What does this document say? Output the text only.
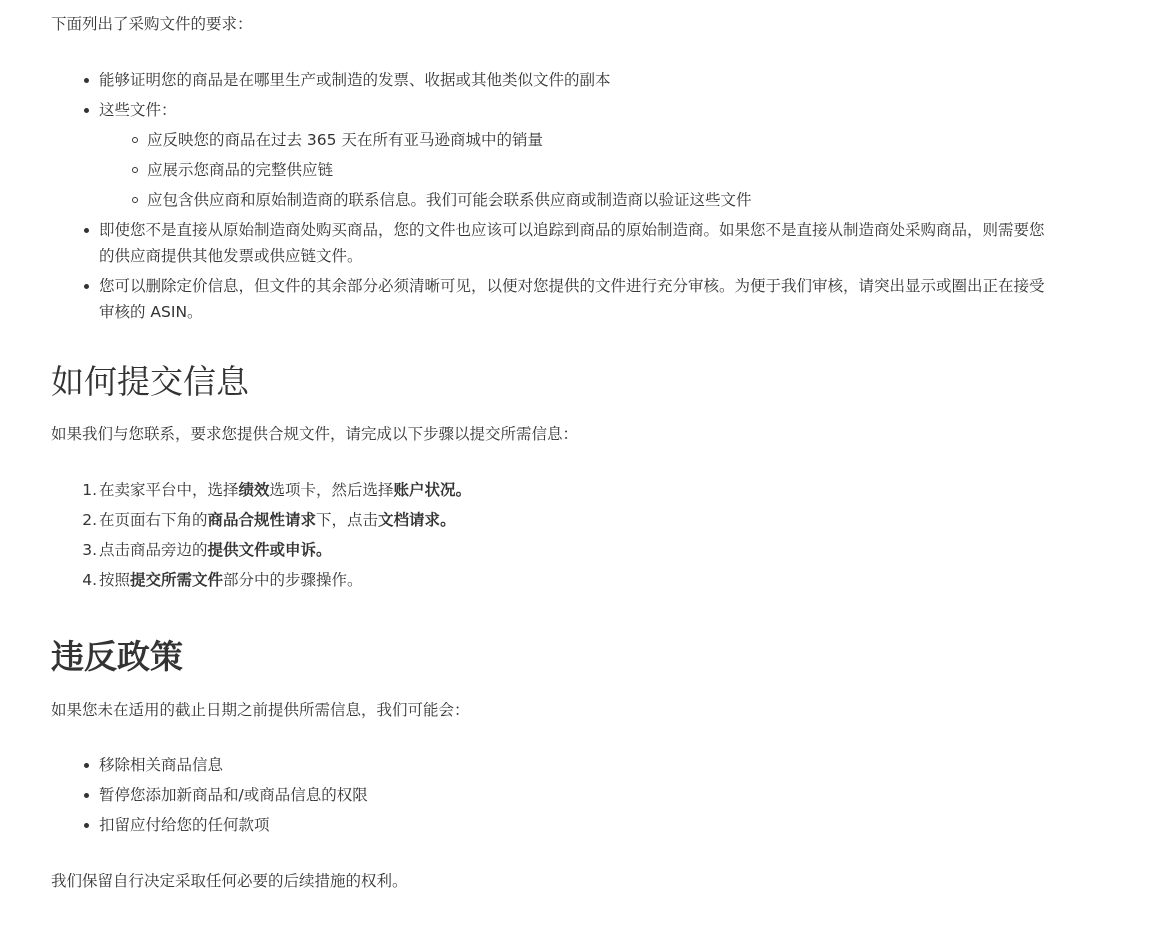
下面列出了采购文件的要求：

能够证明您的商品是在哪里生产或制造的发票、收据或其他类似文件的副本
这些文件：
应反映您的商品在过去 365 天在所有亚马逊商城中的销量
应展示您商品的完整供应链
应包含供应商和原始制造商的联系信息。我们可能会联系供应商或制造商以验证这些文件
即使您不是直接从原始制造商处购买商品，您的文件也应该可以追踪到商品的原始制造商。如果您不是直接从制造商处采购商品，则需要您的供应商提供其他发票或供应链文件。
您可以删除定价信息，但文件的其余部分必须清晰可见，以便对您提供的文件进行充分审核。为便于我们审核，请突出显示或圈出正在接受审核的 ASIN。
如何提交信息

如果我们与您联系，要求您提供合规文件，请完成以下步骤以提交所需信息：

1. 在卖家平台中，选择绩效选项卡，然后选择账户状况。
2. 在页面右下角的商品合规性请求下，点击文档请求。
3. 点击商品旁边的提供文件或申诉。
4. 按照提交所需文件部分中的步骤操作。
违反政策

如果您未在适用的截止日期之前提供所需信息，我们可能会：

移除相关商品信息
暂停您添加新商品和/或商品信息的权限
扣留应付给您的任何款项

我们保留自行决定采取任何必要的后续措施的权利。
